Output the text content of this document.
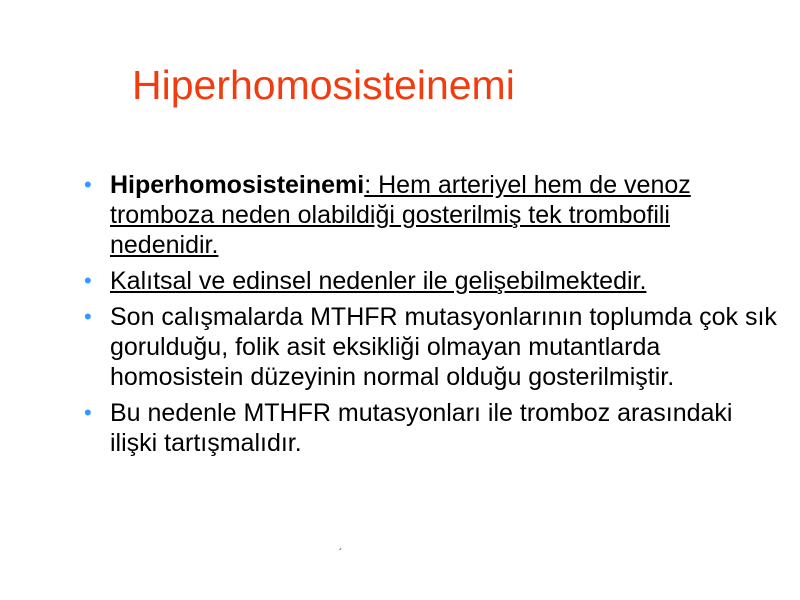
Hiperhomosisteinemi
• Hiperhomosisteinemi: Hem arteriyel hem de venoz tromboza neden olabildiği gosterilmiş tek trombofili nedenidir.
• Kalıtsal ve edinsel nedenler ile gelişebilmektedir.
• Son calışmalarda MTHFR mutasyonlarının toplumda çok sık gorulduğu, folik asit eksikliği olmayan mutantlarda homosistein düzeyinin normal olduğu gosterilmiştir.
• Bu nedenle MTHFR mutasyonları ile tromboz arasındaki ilişki tartışmalıdır.
´
